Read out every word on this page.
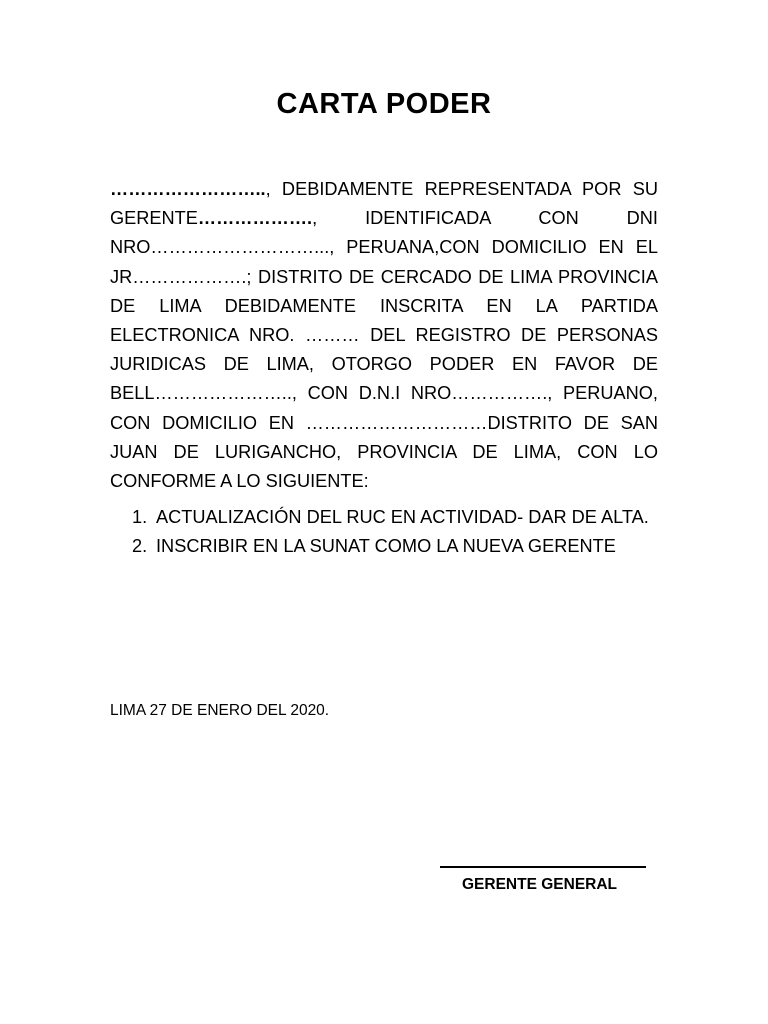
CARTA PODER

…………………….., DEBIDAMENTE REPRESENTADA POR SU GERENTE………………., IDENTIFICADA CON DNI NRO………………………..., PERUANA,CON DOMICILIO EN EL JR……………….; DISTRITO DE CERCADO DE LIMA PROVINCIA DE LIMA DEBIDAMENTE INSCRITA EN LA PARTIDA ELECTRONICA NRO. ……… DEL REGISTRO DE PERSONAS JURIDICAS DE LIMA, OTORGO PODER EN FAVOR DE BELL………………….., CON D.N.I NRO……………., PERUANO, CON DOMICILIO EN …………………………DISTRITO DE SAN JUAN DE LURIGANCHO, PROVINCIA DE LIMA, CON LO CONFORME A LO SIGUIENTE:

1. ACTUALIZACIÓN DEL RUC EN ACTIVIDAD- DAR DE ALTA.
2. INSCRIBIR EN LA SUNAT COMO LA NUEVA GERENTE
LIMA 27 DE ENERO DEL 2020.
GERENTE GENERAL
